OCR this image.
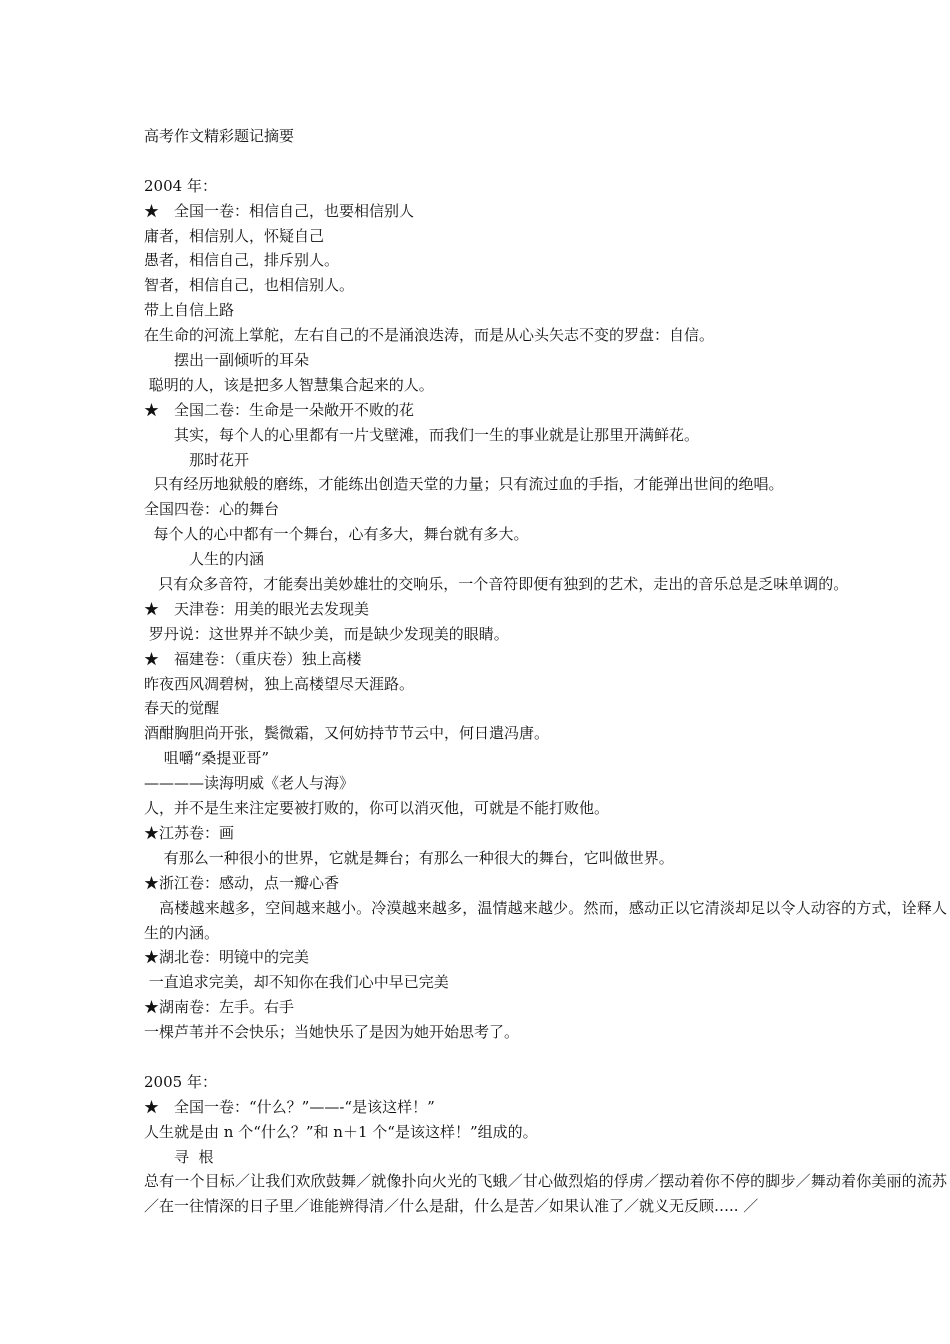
高考作文精彩题记摘要
2004 年：
★　全国一卷：相信自己，也要相信别人
庸者，相信别人，怀疑自己
愚者，相信自己，排斥别人。
智者，相信自己，也相信别人。
带上自信上路
在生命的河流上掌舵，左右自己的不是涌浪迭涛，而是从心头矢志不变的罗盘：自信。
　　摆出一副倾听的耳朵
聪明的人，该是把多人智慧集合起来的人。
★　全国二卷：生命是一朵敞开不败的花
　　其实，每个人的心里都有一片戈壁滩，而我们一生的事业就是让那里开满鲜花。
　　　那时花开
只有经历地狱般的磨练，才能练出创造天堂的力量；只有流过血的手指，才能弹出世间的绝唱。
全国四卷：心的舞台
每个人的心中都有一个舞台，心有多大，舞台就有多大。
　　　人生的内涵
只有众多音符，才能奏出美妙雄壮的交响乐，一个音符即便有独到的艺术，走出的音乐总是乏味单调的。
★　天津卷：用美的眼光去发现美
罗丹说：这世界并不缺少美，而是缺少发现美的眼睛。
★　福建卷：（重庆卷）独上高楼
昨夜西风凋碧树，独上高楼望尽天涯路。
春天的觉醒
酒酣胸胆尚开张，鬓微霜，又何妨持节节云中，何日遣冯唐。
　 咀嚼“桑提亚哥”
————读海明威《老人与海》
人，并不是生来注定要被打败的，你可以消灭他，可就是不能打败他。
★江苏卷：画
　 有那么一种很小的世界，它就是舞台；有那么一种很大的舞台，它叫做世界。
★浙江卷：感动，点一瓣心香
　高楼越来越多，空间越来越小。冷漠越来越多，温情越来越少。然而，感动正以它清淡却足以令人动容的方式，诠释人生的内涵。
★湖北卷：明镜中的完美
一直追求完美，却不知你在我们心中早已完美
★湖南卷：左手。右手
一棵芦苇并不会快乐；当她快乐了是因为她开始思考了。
2005 年：
★　全国一卷：“什么？”——-“是该这样！”
人生就是由 n 个“什么？”和 n＋1 个“是该这样！”组成的。
　　寻  根
总有一个目标／让我们欢欣鼓舞／就像扑向火光的飞蛾／甘心做烈焰的俘虏／摆动着你不停的脚步／舞动着你美丽的流苏／在一往情深的日子里／谁能辨得清／什么是甜，什么是苦／如果认准了／就义无反顾….. ／
